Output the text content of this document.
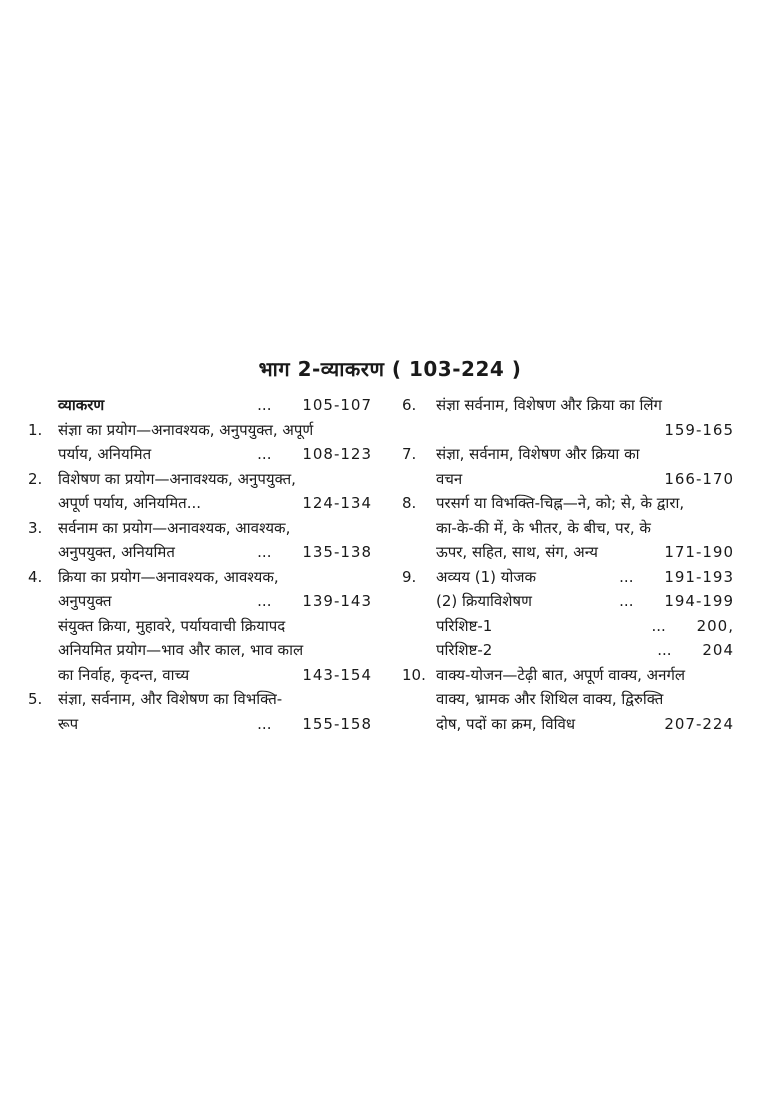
भाग 2-व्याकरण ( 103-224 )
व्याकरण	...	105-107
1.	संज्ञा का प्रयोग—अनावश्यक, अनुपयुक्त, अपूर्ण
पर्याय, अनियमित	...	108-123
2.	विशेषण का प्रयोग—अनावश्यक, अनुपयुक्त,
अपूर्ण पर्याय, अनियमित...	124-134
3.	सर्वनाम का प्रयोग—अनावश्यक, आवश्यक,
अनुपयुक्त, अनियमित	...	135-138
4.	क्रिया का प्रयोग—अनावश्यक, आवश्यक,
अनुपयुक्त	...	139-143
संयुक्त क्रिया, मुहावरे, पर्यायवाची क्रियापद
अनियमित प्रयोग—भाव और काल, भाव काल
का निर्वाह, कृदन्त, वाच्य	143-154
5.	संज्ञा, सर्वनाम, और विशेषण का विभक्ति-
रूप	...	155-158
6.	संज्ञा सर्वनाम, विशेषण और क्रिया का लिंग
159-165
7.	संज्ञा, सर्वनाम, विशेषण और क्रिया का
वचन	166-170
8.	परसर्ग या विभक्ति-चिह्न—ने, को; से, के द्वारा,
का-के-की में, के भीतर, के बीच, पर, के
ऊपर, सहित, साथ, संग, अन्य	171-190
9.	अव्यय (1) योजक	...	191-193
(2) क्रियाविशेषण	...	194-199
परिशिष्ट-1	...	200,
परिशिष्ट-2	...	204
10. वाक्य-योजन—टेढ़ी बात, अपूर्ण वाक्य, अनर्गल
वाक्य, भ्रामक और शिथिल वाक्य, द्विरुक्ति
दोष, पदों का क्रम, विविध	207-224
